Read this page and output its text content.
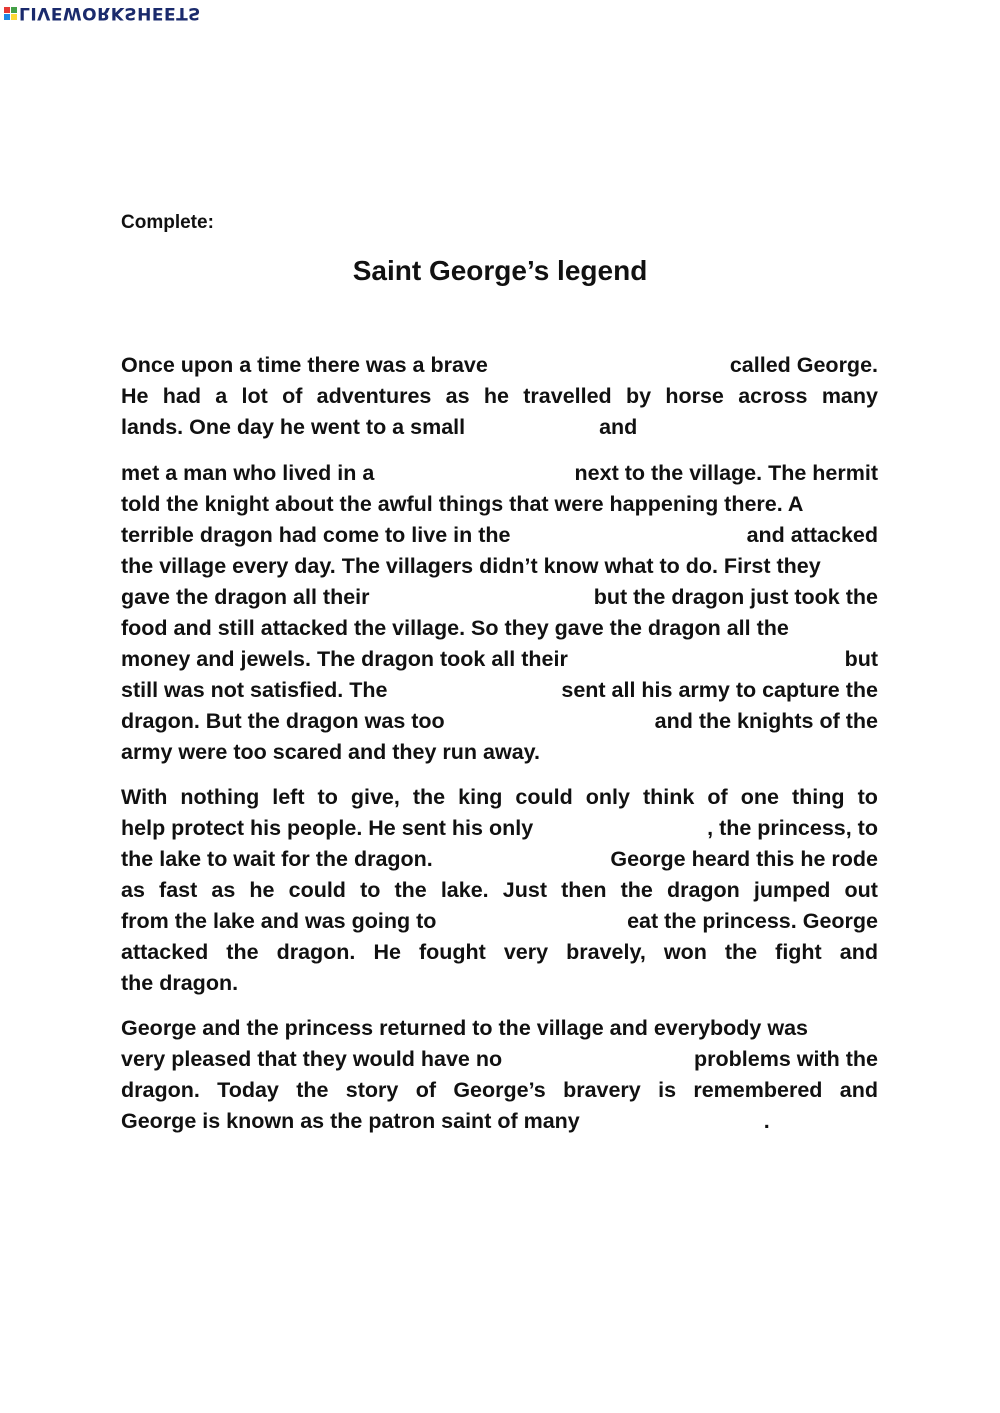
LIVEWORKSHEETS
Complete:
Saint George’s legend
Once upon a time there was a brave	called George.
He had a lot of adventures as he travelled by horse across many
lands. One day he went to a small	and
met a man who lived in a	next to the village. The hermit
told the knight about the awful things that were happening there. A
terrible dragon had come to live in the	and attacked
the village every day. The villagers didn’t know what to do. First they
gave the dragon all their	but the dragon just took the
food and still attacked the village. So they gave the dragon all the
money and jewels. The dragon took all their	but
still was not satisfied. The	sent all his army to capture the
dragon. But the dragon was too	and the knights of the
army were too scared and they run away.
With nothing left to give, the king could only think of one thing to
help protect his people. He sent his only	, the princess, to
the lake to wait for the dragon.	George heard this he rode
as fast as he could to the lake. Just then the dragon jumped out
from the lake and was going to	eat the princess. George
attacked the dragon. He fought very bravely, won the fight and
the dragon.
George and the princess returned to the village and everybody was
very pleased that they would have no	problems with the
dragon. Today the story of George’s bravery is remembered and
George is known as the patron saint of many	.
